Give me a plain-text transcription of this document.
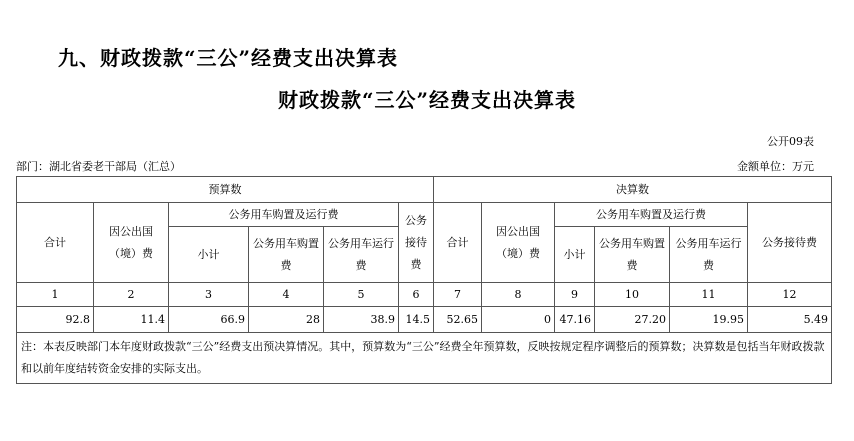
九、财政拨款“三公”经费支出决算表
财政拨款“三公”经费支出决算表
公开09表
部门：湖北省委老干部局（汇总）	金额单位：万元
预算数						决算数					
合计	因公出国（境）费	公务用车购置及运行费			公务接待费	合计	因公出国（境）费	公务用车购置及运行费			公务接待费
		小计	公务用车购置费	公务用车运行费				小计	公务用车购置费	公务用车运行费	
1	2	3	4	5	6	7	8	9	10	11	12
92.8	11.4	66.9	28	38.9	14.5	52.65	0	47.16	27.20	19.95	5.49
注：本表反映部门本年度财政拨款“三公”经费支出预决算情况。其中，预算数为“三公”经费全年预算数，反映按规定程序调整后的预算数；决算数是包括当年财政拨款和以前年度结转资金安排的实际支出。											
